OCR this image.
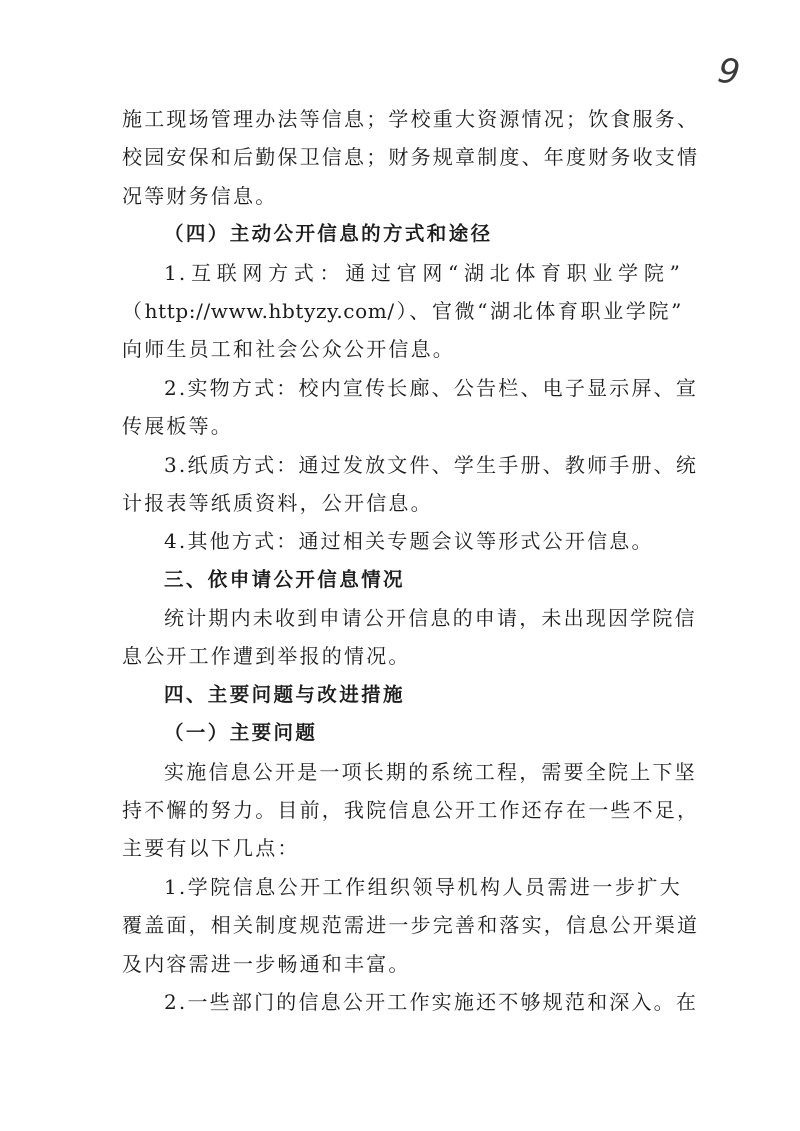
9
施工现场管理办法等信息；学校重大资源情况；饮食服务、
校园安保和后勤保卫信息；财务规章制度、年度财务收支情
况等财务信息。
（四）主动公开信息的方式和途径
1.互联网方式：通过官网“湖北体育职业学院”
（http://www.hbtyzy.com/）、官微“湖北体育职业学院”
向师生员工和社会公众公开信息。
2.实物方式：校内宣传长廊、公告栏、电子显示屏、宣
传展板等。
3.纸质方式：通过发放文件、学生手册、教师手册、统
计报表等纸质资料，公开信息。
4.其他方式：通过相关专题会议等形式公开信息。
三、依申请公开信息情况
统计期内未收到申请公开信息的申请，未出现因学院信
息公开工作遭到举报的情况。
四、主要问题与改进措施
（一）主要问题
实施信息公开是一项长期的系统工程，需要全院上下坚
持不懈的努力。目前，我院信息公开工作还存在一些不足，
主要有以下几点：
1.学院信息公开工作组织领导机构人员需进一步扩大
覆盖面，相关制度规范需进一步完善和落实，信息公开渠道
及内容需进一步畅通和丰富。
2.一些部门的信息公开工作实施还不够规范和深入。在
